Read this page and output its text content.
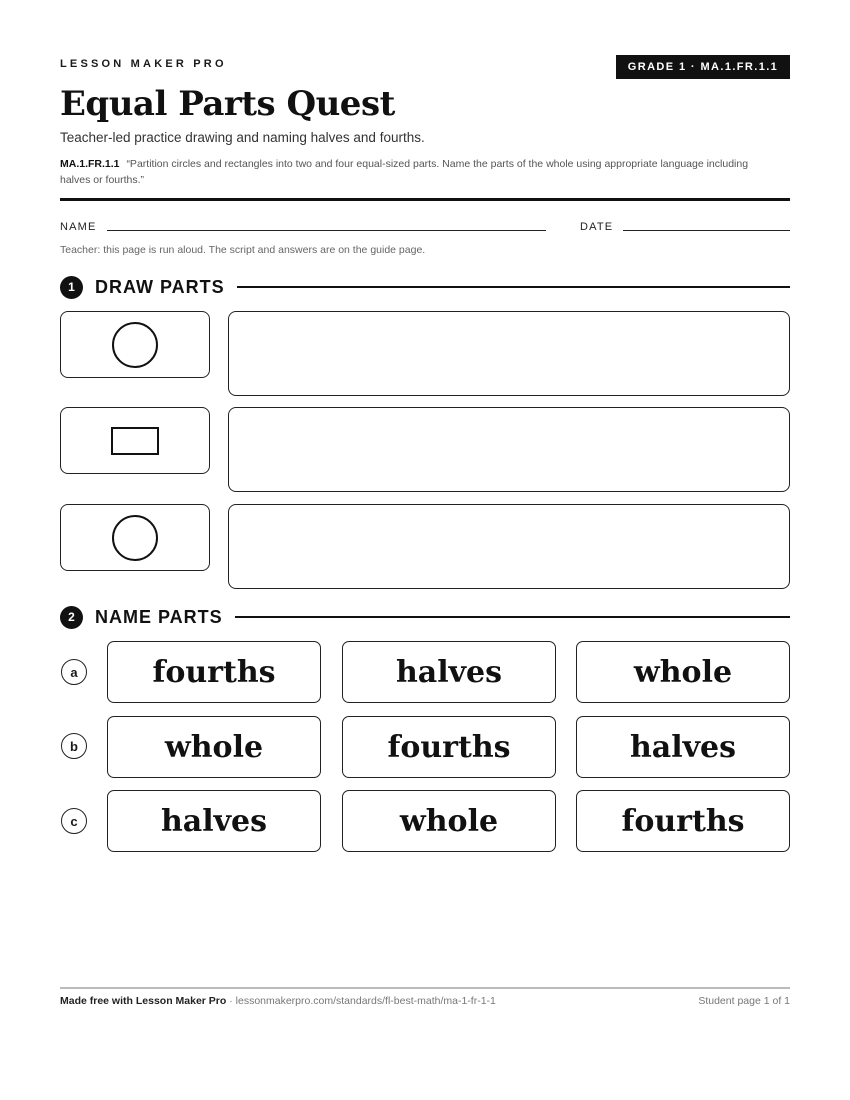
LESSON MAKER PRO	GRADE 1 · MA.1.FR.1.1
Equal Parts Quest
Teacher-led practice drawing and naming halves and fourths.
MA.1.FR.1.1 “Partition circles and rectangles into two and four equal-sized parts. Name the parts of the whole using appropriate language including halves or fourths.”
NAME	DATE
Teacher: this page is run aloud. The script and answers are on the guide page.
1	DRAW PARTS
2	NAME PARTS
a	fourths	halves	whole
b	whole	fourths	halves
c	halves	whole	fourths
Made free with Lesson Maker Pro · lessonmakerpro.com/standards/fl-best-math/ma-1-fr-1-1	Student page 1 of 1
